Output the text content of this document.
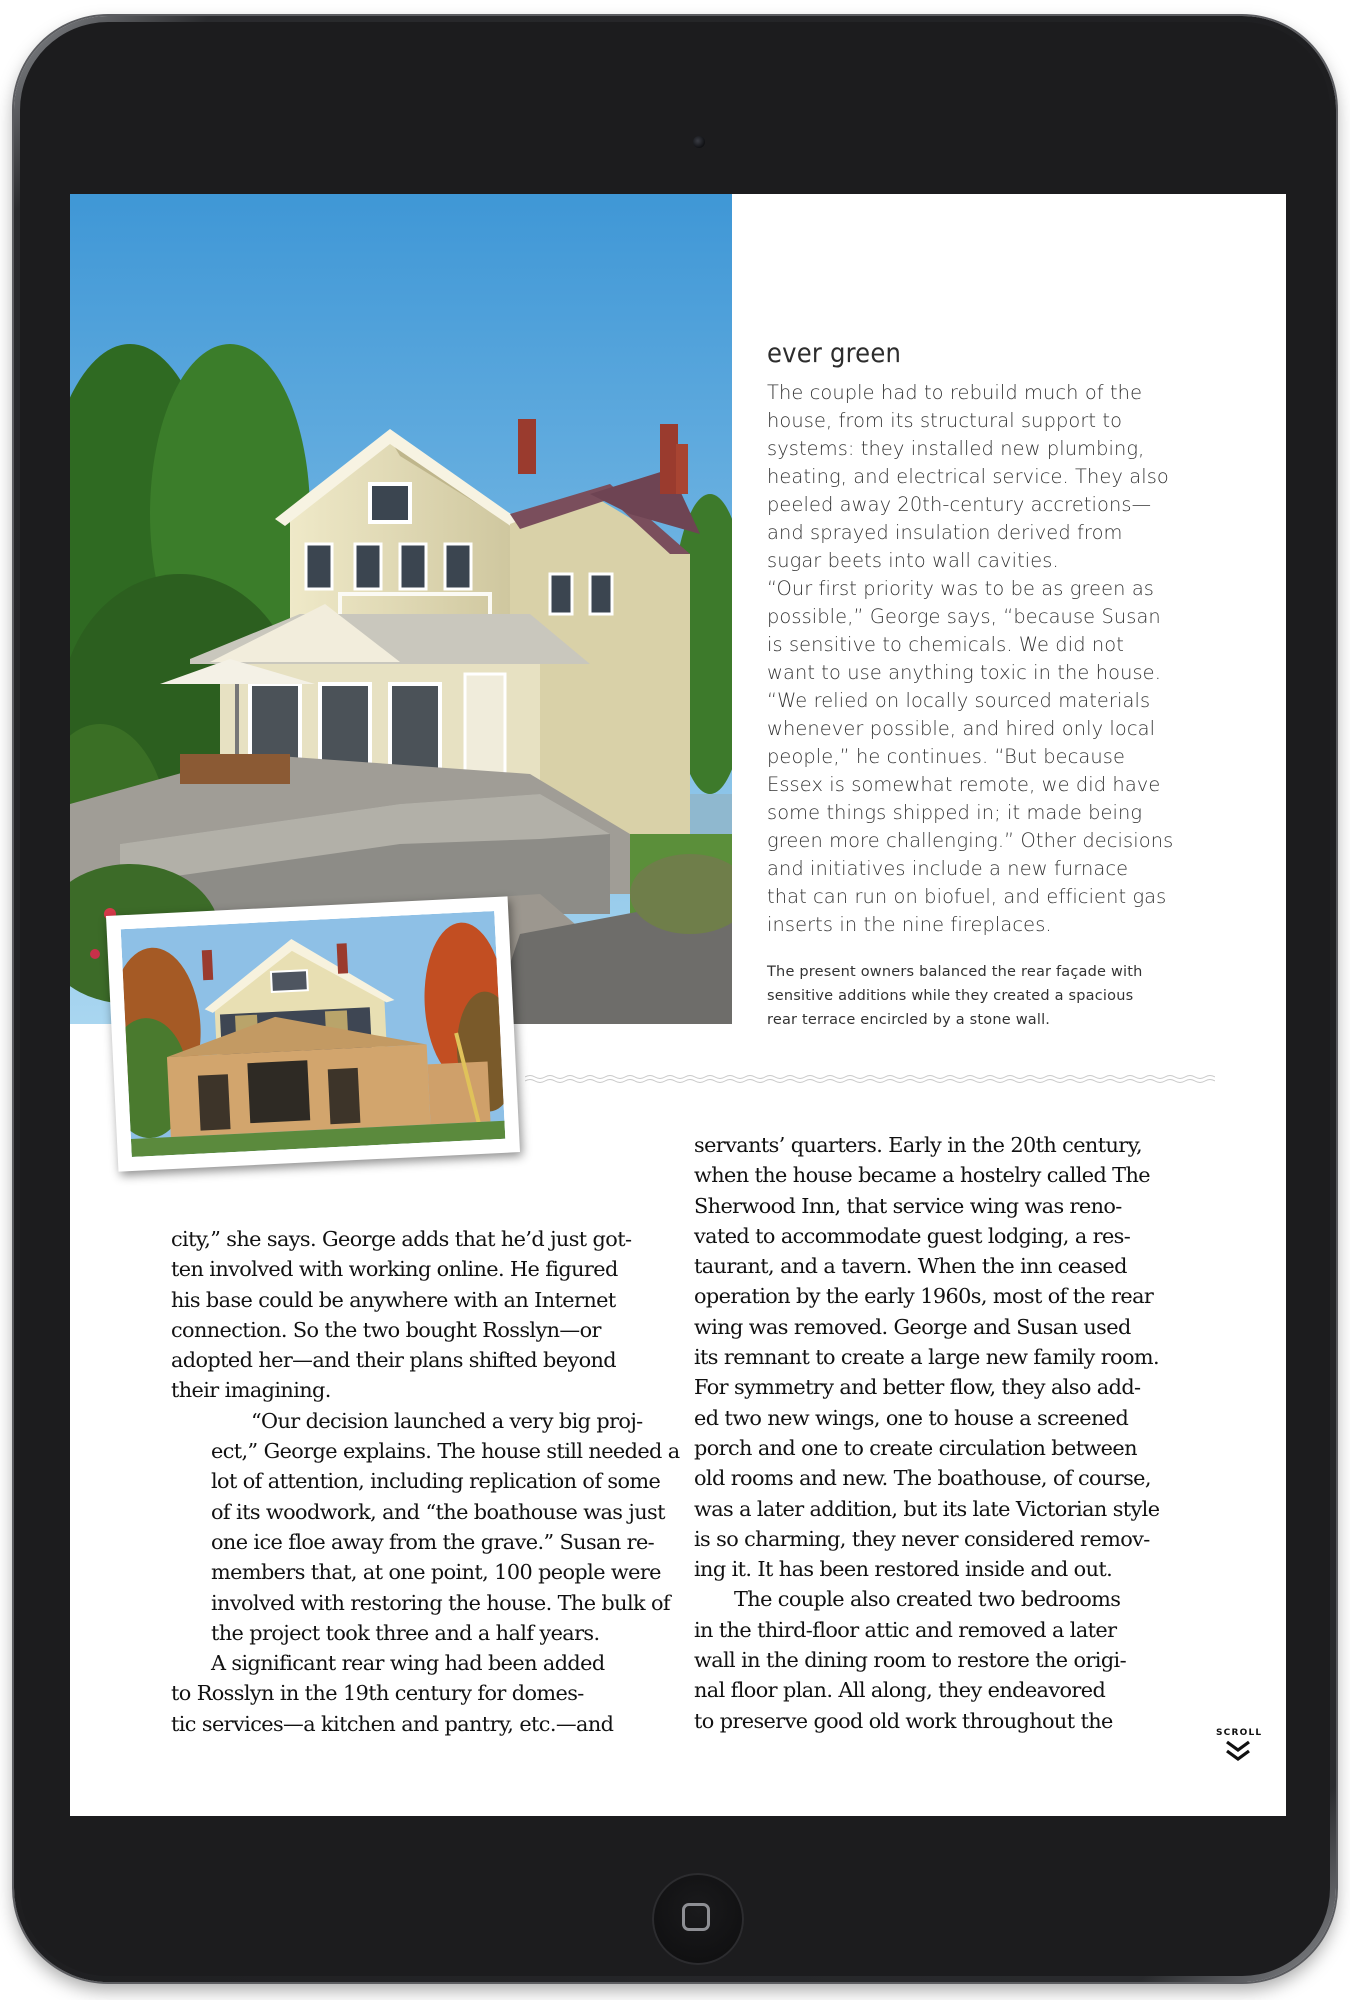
ever green
The couple had to rebuild much of the
house, from its structural support to
systems: they installed new plumbing,
heating, and electrical service. They also
peeled away 20th-century accretions—
and sprayed insulation derived from
sugar beets into wall cavities.
“Our first priority was to be as green as
possible,” George says, “because Susan
is sensitive to chemicals. We did not
want to use anything toxic in the house.
“We relied on locally sourced materials
whenever possible, and hired only local
people,” he continues. “But because
Essex is somewhat remote, we did have
some things shipped in; it made being
green more challenging.” Other decisions
and initiatives include a new furnace
that can run on biofuel, and efficient gas
inserts in the nine fireplaces.
The present owners balanced the rear façade with
sensitive additions while they created a spacious
rear terrace encircled by a stone wall.

city,” she says. George adds that he’d just got-
ten involved with working online. He figured
his base could be anywhere with an Internet
connection. So the two bought Rosslyn—or
adopted her—and their plans shifted beyond
their imagining.

“Our decision launched a very big proj-
ect,” George explains. The house still needed a
lot of attention, including replication of some
of its woodwork, and “the boathouse was just
one ice floe away from the grave.” Susan re-
members that, at one point, 100 people were
involved with restoring the house. The bulk of
the project took three and a half years.

A significant rear wing had been added
to Rosslyn in the 19th century for domes-
tic services—a kitchen and pantry, etc.—and

servants’ quarters. Early in the 20th century,
when the house became a hostelry called The
Sherwood Inn, that service wing was reno-
vated to accommodate guest lodging, a res-
taurant, and a tavern. When the inn ceased
operation by the early 1960s, most of the rear
wing was removed. George and Susan used
its remnant to create a large new family room.
For symmetry and better flow, they also add-
ed two new wings, one to house a screened
porch and one to create circulation between
old rooms and new. The boathouse, of course,
was a later addition, but its late Victorian style
is so charming, they never considered remov-
ing it. It has been restored inside and out.

The couple also created two bedrooms
in the third-floor attic and removed a later
wall in the dining room to restore the origi-
nal floor plan. All along, they endeavored
to preserve good old work throughout the

SCROLL
